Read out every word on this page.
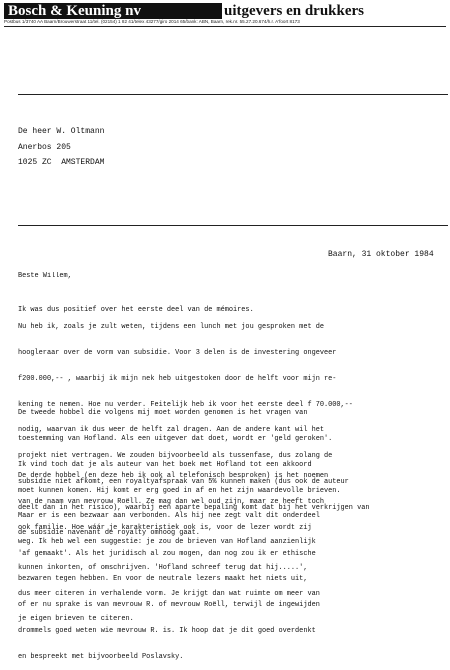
Bosch & Keuning nv	uitgevers en drukkers
Postbus 1/3740 AA Baarn/Brouwerstraat 11/tel. (02154) 1 82 41/telex 43277/giro 2014 65/bank: ABN, Baarn, rek.nr. 55.27.20.674/h.r. A'foort 8173
De heer W. Oltmann
Anerbos 205
1025 ZC  AMSTERDAM
Baarn, 31 oktober 1984
Beste Willem,

Ik was dus positief over het eerste deel van de mémoires.

Nu heb ik, zoals je zult weten, tijdens een lunch met jou gesproken met de

hoogleraar over de vorm van subsidie. Voor 3 delen is de investering ongeveer

f200.000,-- , waarbij ik mijn nek heb uitgestoken door de helft voor mijn re-

kening te nemen. Hoe nu verder. Feitelijk heb ik voor het eerste deel f 70.000,--

nodig, waarvan ik dus weer de helft zal dragen. Aan de andere kant wil het

projekt niet vertragen. We zouden bijvoorbeeld als tussenfase, dus zolang de

subsidie niet afkomt, een royaltyafspraak van 5% kunnen maken (dus ook de auteur

deelt dan in het risico), waarbij een aparte bepaling komt dat bij het verkrijgen van

de subsidie navenant de royalty omhoog gaat.

De tweede hobbel die volgens mij moet worden genomen is het vragen van

toestemming van Hofland. Als een uitgever dat doet, wordt er 'geld geroken'.

Ik vind toch dat je als auteur van het boek met Hofland tot een akkoord

moet kunnen komen. Hij komt er erg goed in af en het zijn waardevolle brieven.

Maar er is een bezwaar aan verbonden. Als hij nee zegt valt dit onderdeel

weg. Ik heb wel een suggestie: je zou de brieven van Hofland aanzienlijk

kunnen inkorten, of omschrijven. 'Hofland schreef terug dat hij.....',

dus meer citeren in verhalende vorm. Je krijgt dan wat ruimte om meer van

je eigen brieven te citeren.

De derde hobbel (en deze heb ik ook al telefonisch besproken) is het noemen

van de naam van mevrouw Roëll. Ze mag dan wel oud zijn, maar ze heeft toch

ook familie. Hoe wáár je karakteristiek ook is, voor de lezer wordt zij

'af gemaakt'. Als het juridisch al zou mogen, dan nog zou ik er ethische

bezwaren tegen hebben. En voor de neutrale lezers maakt het niets uit,

of er nu sprake is van mevrouw R. of mevrouw Roëll, terwijl de ingewijden

drommels goed weten wie mevrouw R. is. Ik hoop dat je dit goed overdenkt

en bespreekt met bijvoorbeeld Poslavsky.
